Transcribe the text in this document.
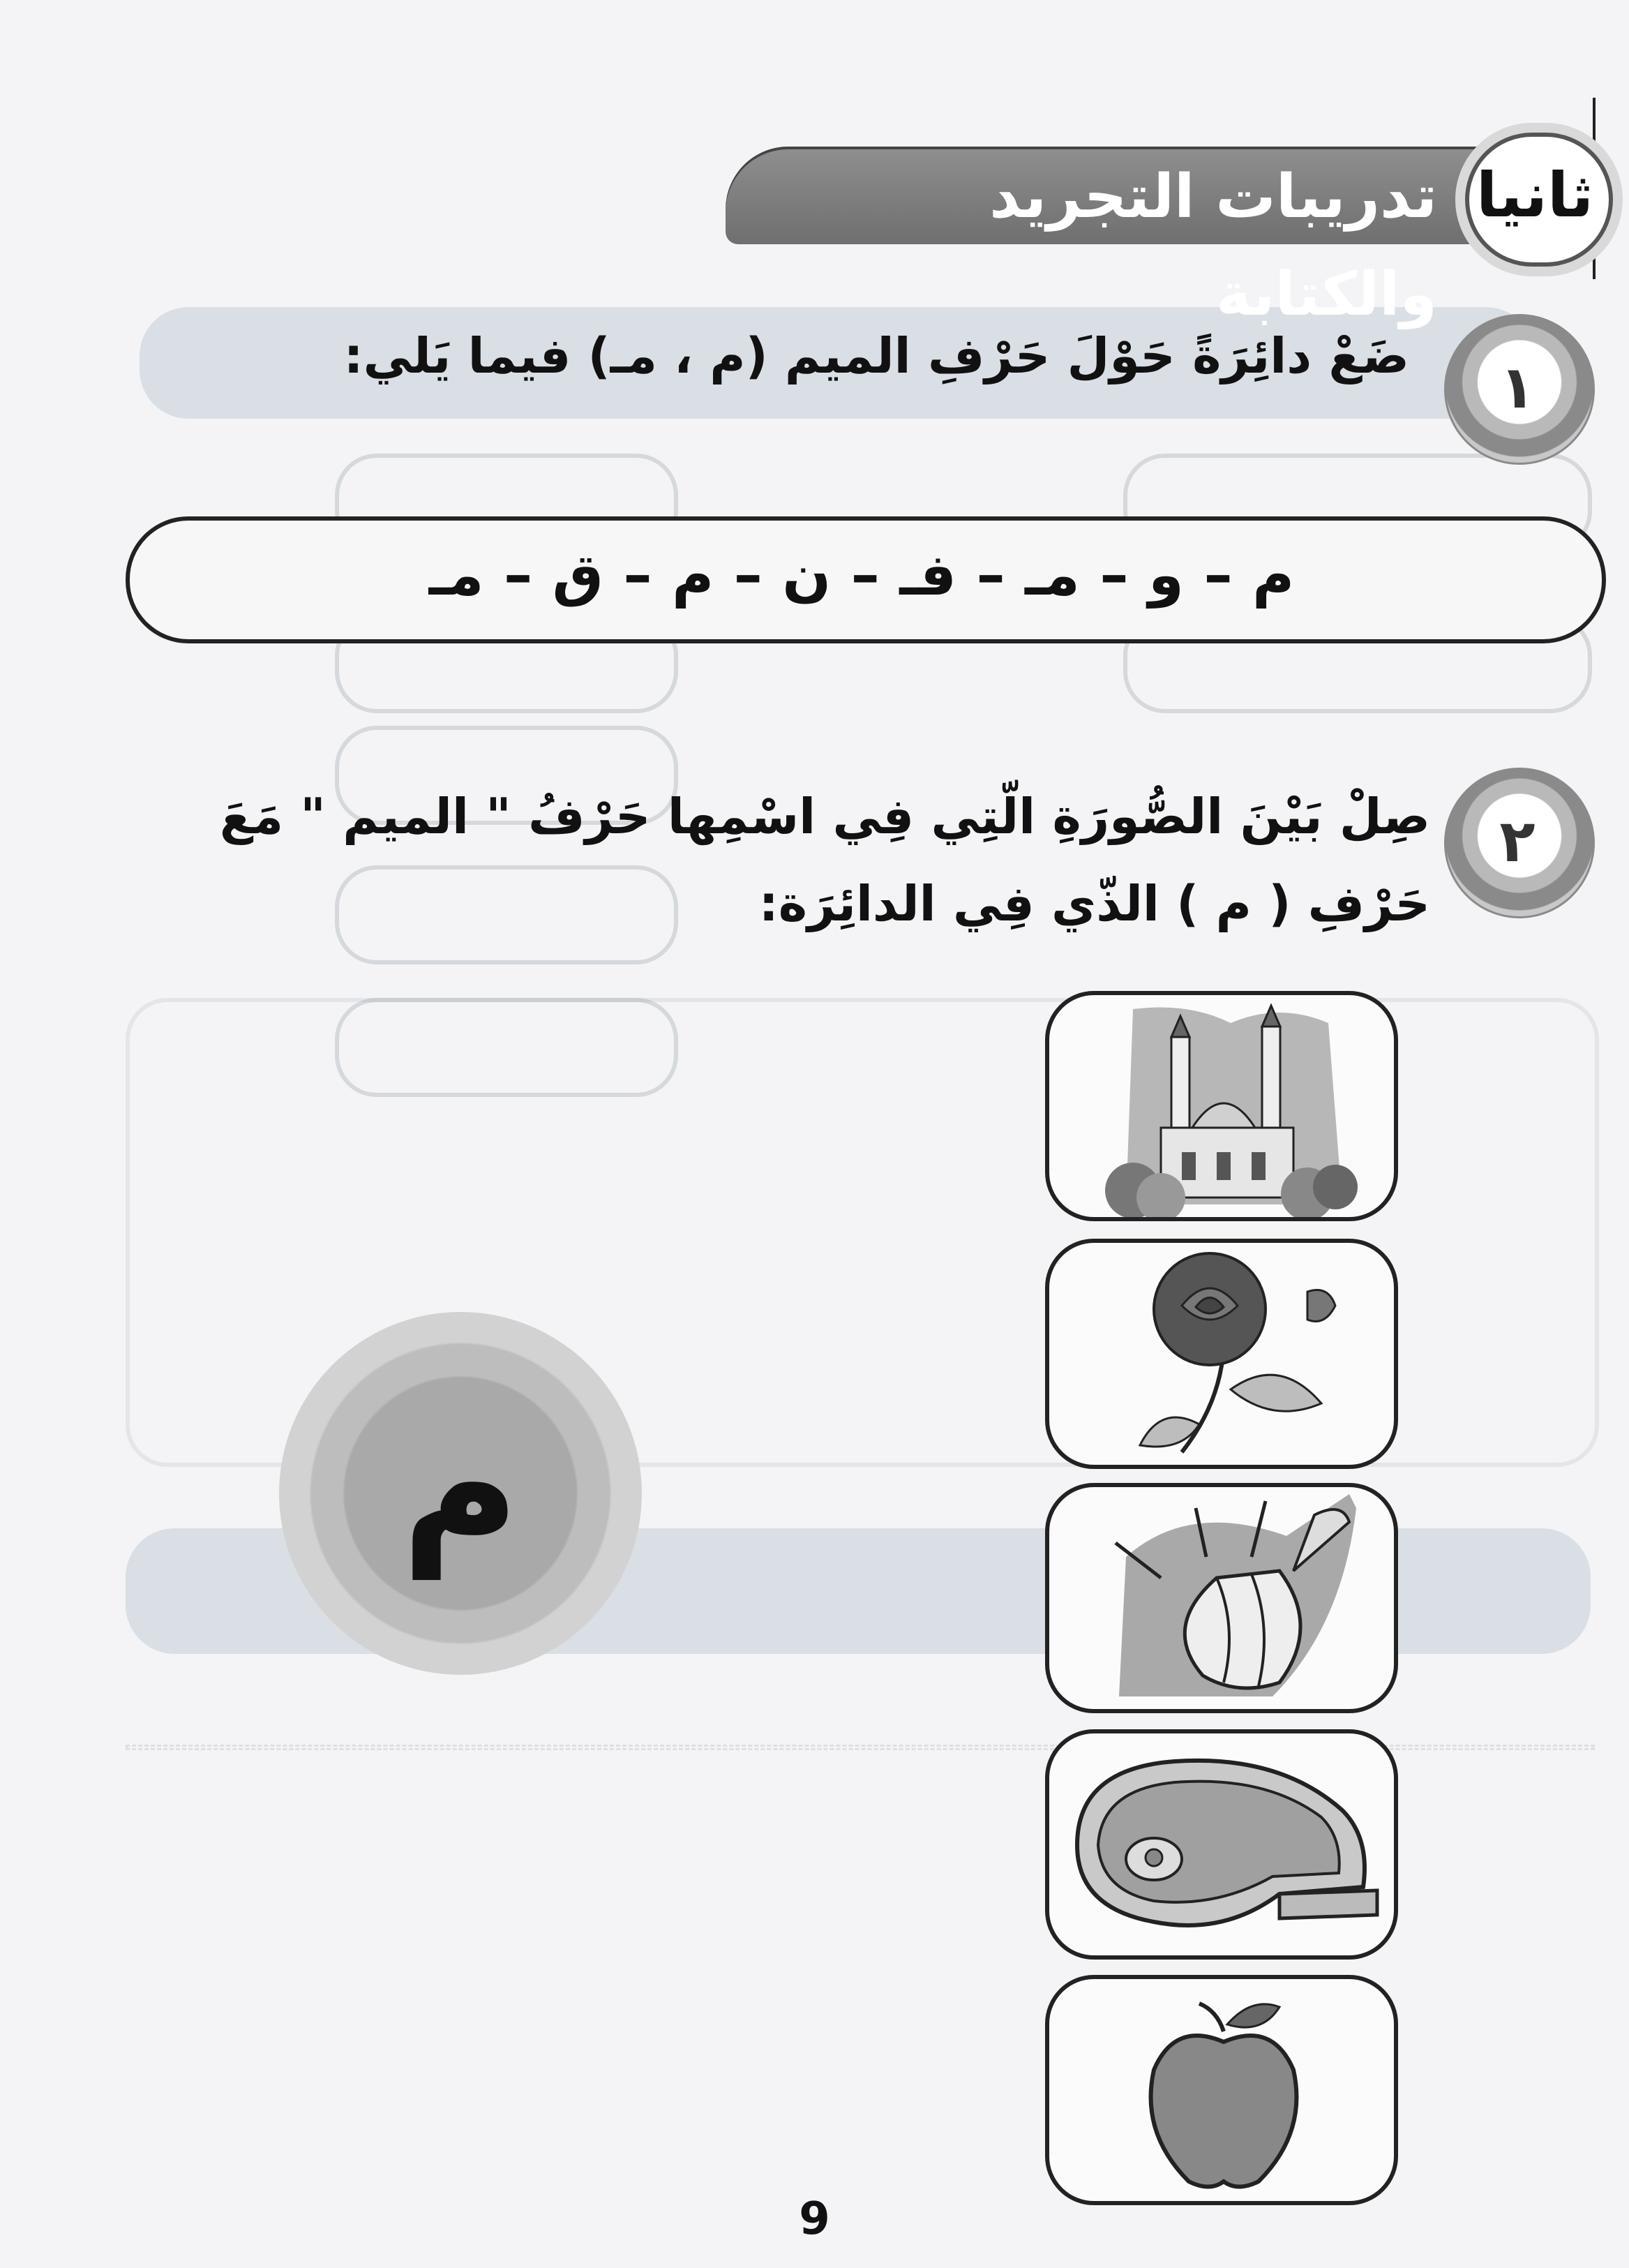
تدريبات التجريد والكتابة
ثانيا
١
ضَعْ دائِرَةً حَوْلَ حَرْفِ الميم (م ، مـ) فيما يَلي:
م – و – مـ – فـ – ن – م – ق – مـ
٢
صِلْ بَيْنَ الصُّورَةِ الّتِي فِي اسْمِها حَرْفُ " الميم " مَعَ
حَرْفِ ( م ) الذّي فِي الدائِرَة:
م
9
